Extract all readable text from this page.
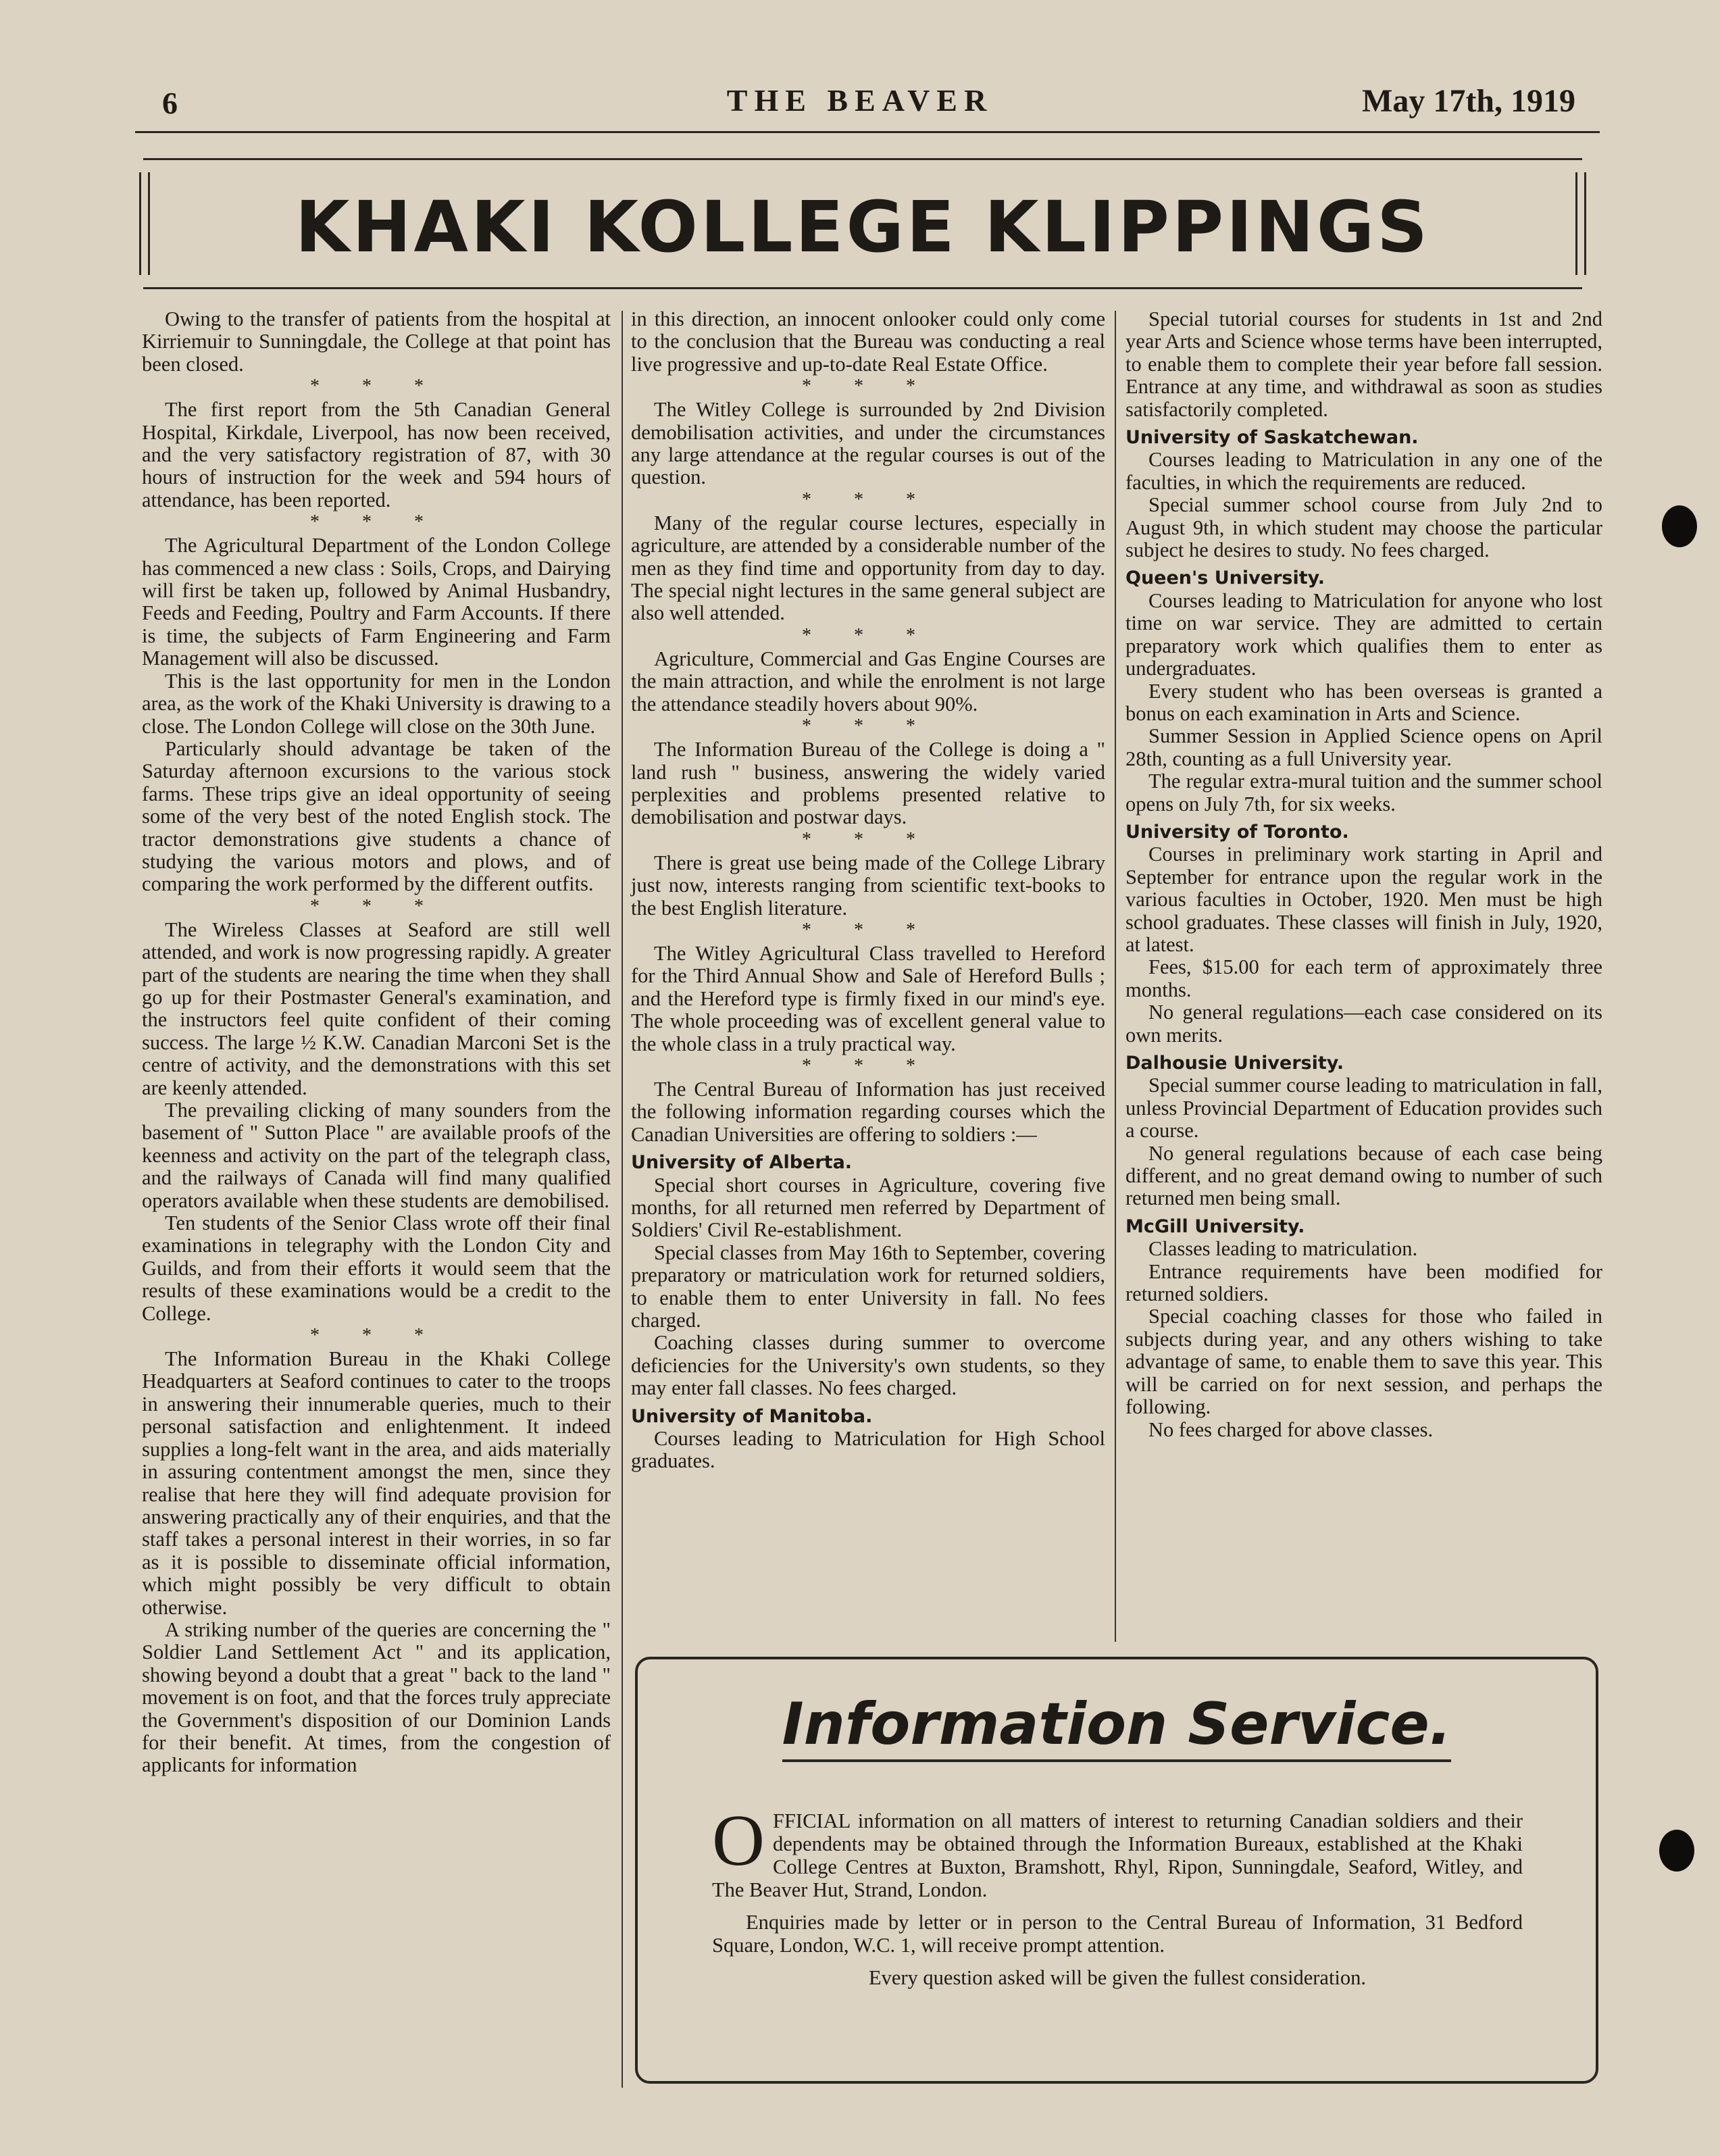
6	THE BEAVER	May 17th, 1919
KHAKI KOLLEGE KLIPPINGS

Owing to the transfer of patients from the hospital at Kirriemuir to Sunningdale, the College at that point has been closed.

* * *

The first report from the 5th Canadian General Hospital, Kirkdale, Liverpool, has now been received, and the very satisfactory registration of 87, with 30 hours of instruction for the week and 594 hours of attendance, has been reported.

* * *

The Agricultural Department of the London College has commenced a new class : Soils, Crops, and Dairying will first be taken up, followed by Animal Husbandry, Feeds and Feeding, Poultry and Farm Accounts. If there is time, the subjects of Farm Engineering and Farm Management will also be discussed.

This is the last opportunity for men in the London area, as the work of the Khaki University is drawing to a close. The London College will close on the 30th June.

Particularly should advantage be taken of the Saturday afternoon excursions to the various stock farms. These trips give an ideal opportunity of seeing some of the very best of the noted English stock. The tractor demonstrations give students a chance of studying the various motors and plows, and of comparing the work performed by the different outfits.

* * *

The Wireless Classes at Seaford are still well attended, and work is now progressing rapidly. A greater part of the students are nearing the time when they shall go up for their Postmaster General's examination, and the instructors feel quite confident of their coming success. The large ½ K.W. Canadian Marconi Set is the centre of activity, and the demonstrations with this set are keenly attended.

The prevailing clicking of many sounders from the basement of " Sutton Place " are available proofs of the keenness and activity on the part of the telegraph class, and the railways of Canada will find many qualified operators available when these students are demobilised.

Ten students of the Senior Class wrote off their final examinations in telegraphy with the London City and Guilds, and from their efforts it would seem that the results of these examinations would be a credit to the College.

* * *

The Information Bureau in the Khaki College Headquarters at Seaford continues to cater to the troops in answering their innumerable queries, much to their personal satisfaction and enlightenment. It indeed supplies a long-felt want in the area, and aids materially in assuring contentment amongst the men, since they realise that here they will find adequate provision for answering practically any of their enquiries, and that the staff takes a personal interest in their worries, in so far as it is possible to disseminate official information, which might possibly be very difficult to obtain otherwise.

A striking number of the queries are concerning the " Soldier Land Settlement Act " and its application, showing beyond a doubt that a great " back to the land " movement is on foot, and that the forces truly appreciate the Government's disposition of our Dominion Lands for their benefit. At times, from the congestion of applicants for information

in this direction, an innocent onlooker could only come to the conclusion that the Bureau was conducting a real live progressive and up-to-date Real Estate Office.

* * *

The Witley College is surrounded by 2nd Division demobilisation activities, and under the circumstances any large attendance at the regular courses is out of the question.

* * *

Many of the regular course lectures, especially in agriculture, are attended by a considerable number of the men as they find time and opportunity from day to day. The special night lectures in the same general subject are also well attended.

* * *

Agriculture, Commercial and Gas Engine Courses are the main attraction, and while the enrolment is not large the attendance steadily hovers about 90%.

* * *

The Information Bureau of the College is doing a " land rush " business, answering the widely varied perplexities and problems presented relative to demobilisation and postwar days.

* * *

There is great use being made of the College Library just now, interests ranging from scientific text-books to the best English literature.

* * *

The Witley Agricultural Class travelled to Hereford for the Third Annual Show and Sale of Hereford Bulls ; and the Hereford type is firmly fixed in our mind's eye. The whole proceeding was of excellent general value to the whole class in a truly practical way.

* * *

The Central Bureau of Information has just received the following information regarding courses which the Canadian Universities are offering to soldiers :—

University of Alberta.

Special short courses in Agriculture, covering five months, for all returned men referred by Department of Soldiers' Civil Re-establishment.

Special classes from May 16th to September, covering preparatory or matriculation work for returned soldiers, to enable them to enter University in fall. No fees charged.

Coaching classes during summer to overcome deficiencies for the University's own students, so they may enter fall classes. No fees charged.

University of Manitoba.

Courses leading to Matriculation for High School graduates.

Special tutorial courses for students in 1st and 2nd year Arts and Science whose terms have been interrupted, to enable them to complete their year before fall session. Entrance at any time, and withdrawal as soon as studies satisfactorily completed.

University of Saskatchewan.

Courses leading to Matriculation in any one of the faculties, in which the requirements are reduced.

Special summer school course from July 2nd to August 9th, in which student may choose the particular subject he desires to study. No fees charged.

Queen's University.

Courses leading to Matriculation for anyone who lost time on war service. They are admitted to certain preparatory work which qualifies them to enter as undergraduates.

Every student who has been overseas is granted a bonus on each examination in Arts and Science.

Summer Session in Applied Science opens on April 28th, counting as a full University year.

The regular extra-mural tuition and the summer school opens on July 7th, for six weeks.

University of Toronto.

Courses in preliminary work starting in April and September for entrance upon the regular work in the various faculties in October, 1920. Men must be high school graduates. These classes will finish in July, 1920, at latest.

Fees, $15.00 for each term of approximately three months.

No general regulations—each case considered on its own merits.

Dalhousie University.

Special summer course leading to matriculation in fall, unless Provincial Department of Education provides such a course.

No general regulations because of each case being different, and no great demand owing to number of such returned men being small.

McGill University.

Classes leading to matriculation.

Entrance requirements have been modified for returned soldiers.

Special coaching classes for those who failed in subjects during year, and any others wishing to take advantage of same, to enable them to save this year. This will be carried on for next session, and perhaps the following.

No fees charged for above classes.

Information Service.

OFFICIAL information on all matters of interest to returning Canadian soldiers and their dependents may be obtained through the Information Bureaux, established at the Khaki College Centres at Buxton, Bramshott, Rhyl, Ripon, Sunningdale, Seaford, Witley, and The Beaver Hut, Strand, London.

Enquiries made by letter or in person to the Central Bureau of Information, 31 Bedford Square, London, W.C. 1, will receive prompt attention.

Every question asked will be given the fullest consideration.
